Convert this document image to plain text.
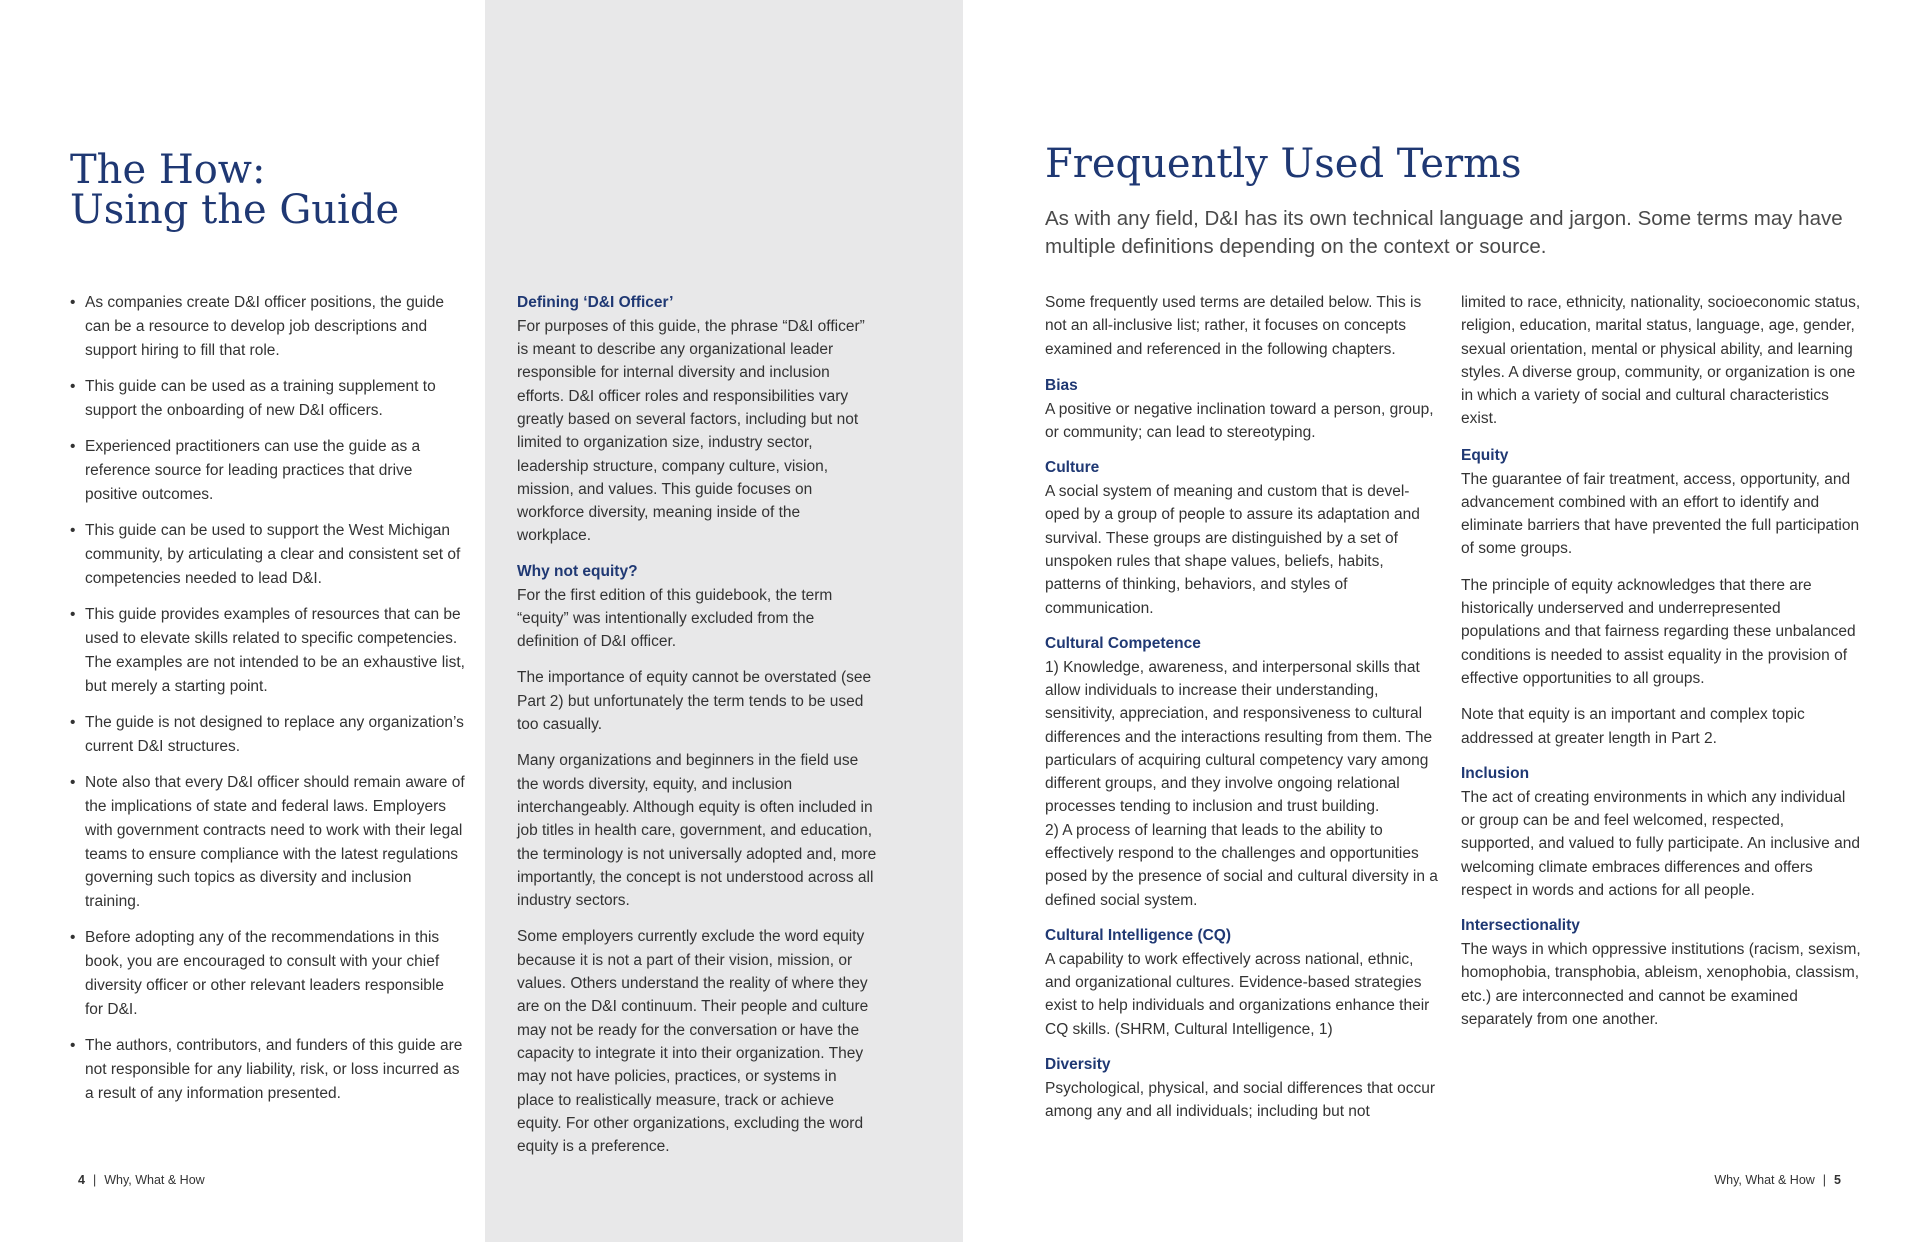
The How:
Using the Guide
• As companies create D&I officer positions, the guide can be a resource to develop job descriptions and support hiring to fill that role.
• This guide can be used as a training supplement to support the onboarding of new D&I officers.
• Experienced practitioners can use the guide as a reference source for leading practices that drive positive outcomes.
• This guide can be used to support the West Michigan community, by articulating a clear and consistent set of competencies needed to lead D&I.
• This guide provides examples of resources that can be used to elevate skills related to specific competencies. The examples are not intended to be an exhaustive list, but merely a starting point.
• The guide is not designed to replace any organization’s current D&I structures.
• Note also that every D&I officer should remain aware of the implications of state and federal laws. Employers with government contracts need to work with their legal teams to ensure compliance with the latest regulations governing such topics as diversity and inclusion training.
• Before adopting any of the recommendations in this book, you are encouraged to consult with your chief diversity officer or other relevant leaders responsible for D&I.
• The authors, contributors, and funders of this guide are not responsible for any liability, risk, or loss incurred as a result of any information presented.
Defining ‘D&I Officer’

For purposes of this guide, the phrase “D&I officer” is meant to describe any organizational leader responsible for internal diversity and inclusion efforts. D&I officer roles and responsibilities vary greatly based on several factors, including but not limited to organization size, industry sector, leadership structure, company culture, vision, mission, and values. This guide focuses on workforce diversity, meaning inside of the workplace.

Why not equity?

For the first edition of this guidebook, the term “equity” was intentionally excluded from the definition of D&I officer.

The importance of equity cannot be overstated (see Part 2) but unfortunately the term tends to be used too casually.

Many organizations and beginners in the field use the words diversity, equity, and inclusion interchangeably. Although equity is often included in job titles in health care, government, and education, the terminology is not universally adopted and, more importantly, the concept is not understood across all industry sectors.

Some employers currently exclude the word equity because it is not a part of their vision, mission, or values. Others understand the reality of where they are on the D&I continuum. Their people and culture may not be ready for the conversation or have the capacity to integrate it into their organization. They may not have policies, practices, or systems in place to realistically measure, track or achieve equity. For other organizations, excluding the word equity is a preference.

Frequently Used Terms

As with any field, D&I has its own technical language and jargon. Some terms may have multiple definitions depending on the context or source.

Some frequently used terms are detailed below. This is not an all-inclusive list; rather, it focuses on concepts examined and referenced in the following chapters.

Bias

A positive or negative inclination toward a person, group, or community; can lead to stereotyping.

Culture

A social system of meaning and custom that is devel-oped by a group of people to assure its adaptation and survival. These groups are distinguished by a set of unspoken rules that shape values, beliefs, habits, patterns of thinking, behaviors, and styles of communication.

Cultural Competence

1) Knowledge, awareness, and interpersonal skills that allow individuals to increase their understanding, sensitivity, appreciation, and responsiveness to cultural differences and the interactions resulting from them. The particulars of acquiring cultural competency vary among different groups, and they involve ongoing relational processes tending to inclusion and trust building.

2) A process of learning that leads to the ability to effectively respond to the challenges and opportunities posed by the presence of social and cultural diversity in a defined social system.

Cultural Intelligence (CQ)

A capability to work effectively across national, ethnic, and organizational cultures. Evidence-based strategies exist to help individuals and organizations enhance their CQ skills. (SHRM, Cultural Intelligence, 1)

Diversity

Psychological, physical, and social differences that occur among any and all individuals; including but not

limited to race, ethnicity, nationality, socioeconomic status, religion, education, marital status, language, age, gender, sexual orientation, mental or physical ability, and learning styles. A diverse group, community, or organization is one in which a variety of social and cultural characteristics exist.

Equity

The guarantee of fair treatment, access, opportunity, and advancement combined with an effort to identify and eliminate barriers that have prevented the full participation of some groups.

The principle of equity acknowledges that there are historically underserved and underrepresented populations and that fairness regarding these unbalanced conditions is needed to assist equality in the provision of effective opportunities to all groups.

Note that equity is an important and complex topic addressed at greater length in Part 2.

Inclusion

The act of creating environments in which any individual or group can be and feel welcomed, respected, supported, and valued to fully participate. An inclusive and welcoming climate embraces differences and offers respect in words and actions for all people.

Intersectionality

The ways in which oppressive institutions (racism, sexism, homophobia, transphobia, ableism, xenophobia, classism, etc.) are interconnected and cannot be examined separately from one another.

4 | Why, What & How	Why, What & How | 5
